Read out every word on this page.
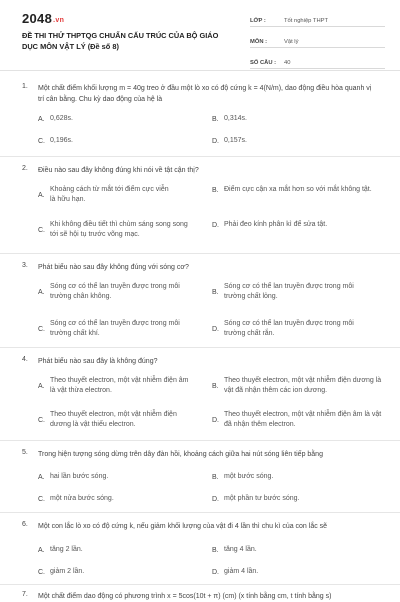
2048.vn
ĐỀ THI THỬ THPTQG CHUẨN CẤU TRÚC CỦA BỘ GIÁO
DỤC MÔN VẬT LÝ (Đề số 8)
LỚP :	Tốt nghiệp THPT
MÔN :	Vật lý
SỐ CÂU :	40
1. Một chất điểm khối lượng m = 40g treo ở đầu một lò xo có độ cứng k = 4(N/m), dao động điều hòa quanh vị trí cân bằng. Chu kỳ dao động của hệ là
A. 0,628s.	B. 0,314s.
C. 0,196s.	D. 0,157s.
2. Điều nào sau đây không đúng khi nói về tật cận thị?
A.
Khoảng cách từ mắt tới điểm cực viễn là hữu hạn.
B. Điểm cực cận xa mắt hơn so với mắt không tật.
C.
Khi không điều tiết thì chùm sáng song song tới sẽ hội tụ trước võng mạc.
D. Phải đeo kính phân kì để sửa tật.
3. Phát biểu nào sau đây không đúng với sóng cơ?
A.
Sóng cơ có thể lan truyền được trong môi trường chân không.
B.
Sóng cơ có thể lan truyền được trong môi trường chất lỏng.
C.
Sóng cơ có thể lan truyền được trong môi trường chất khí.
D.
Sóng cơ có thể lan truyền được trong môi trường chất rắn.
4. Phát biểu nào sau đây là không đúng?
A.
Theo thuyết electron, một vật nhiễm điện âm là vật thừa electron.
B.
Theo thuyết electron, một vật nhiễm điện dương là vật đã nhận thêm các ion dương.
C.
Theo thuyết electron, một vật nhiễm điện dương là vật thiếu electron.
D.
Theo thuyết electron, một vật nhiễm điện âm là vật đã nhận thêm electron.
5. Trong hiện tượng sóng dừng trên dây đàn hồi, khoảng cách giữa hai nút sóng liên tiếp bằng
A. hai lần bước sóng.	B. một bước sóng.
C. một nửa bước sóng.	D. một phần tư bước sóng.
6. Một con lắc lò xo có độ cứng k, nếu giảm khối lượng của vật đi 4 lần thì chu kì của con lắc sẽ
A. tăng 2 lần.	B. tăng 4 lần.
C. giảm 2 lần.	D. giảm 4 lần.
7. Một chất điểm dao động có phương trình x = 5cos(10t + π) (cm) (x tính bằng cm, t tính bằng s)
